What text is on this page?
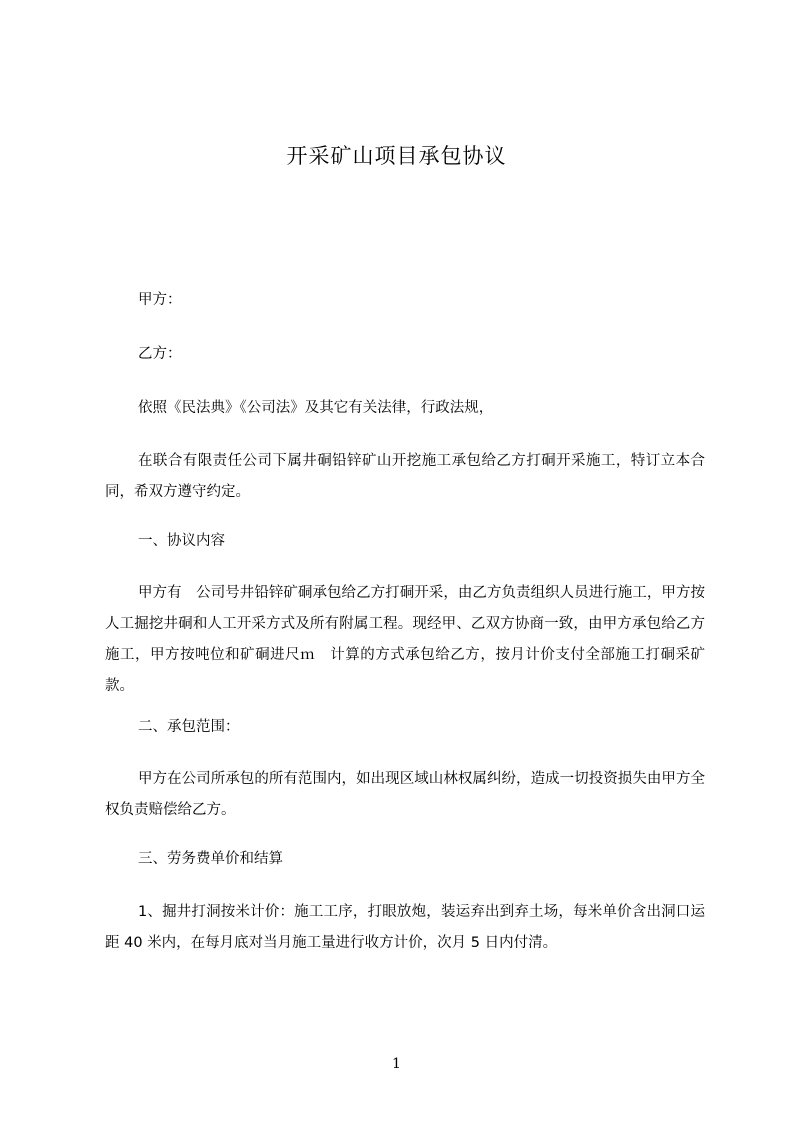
开采矿山项目承包协议
甲方：
乙方：
依照《民法典》《公司法》及其它有关法律，行政法规，
在联合有限责任公司下属井硐铅锌矿山开挖施工承包给乙方打硐开采施工，特订立本合同，希双方遵守约定。
一、协议内容
甲方有　公司号井铅锌矿硐承包给乙方打硐开采，由乙方负责组织人员进行施工，甲方按人工掘挖井硐和人工开采方式及所有附属工程。现经甲、乙双方协商一致，由甲方承包给乙方施工，甲方按吨位和矿硐进尺ｍ　计算的方式承包给乙方，按月计价支付全部施工打硐采矿款。
二、承包范围：
甲方在公司所承包的所有范围内，如出现区域山林权属纠纷，造成一切投资损失由甲方全权负责赔偿给乙方。
三、劳务费单价和结算
1、掘井打洞按米计价：施工工序，打眼放炮，装运弃出到弃土场，每米单价含出洞口运距 40 米内，在每月底对当月施工量进行收方计价，次月 5 日内付清。
1
